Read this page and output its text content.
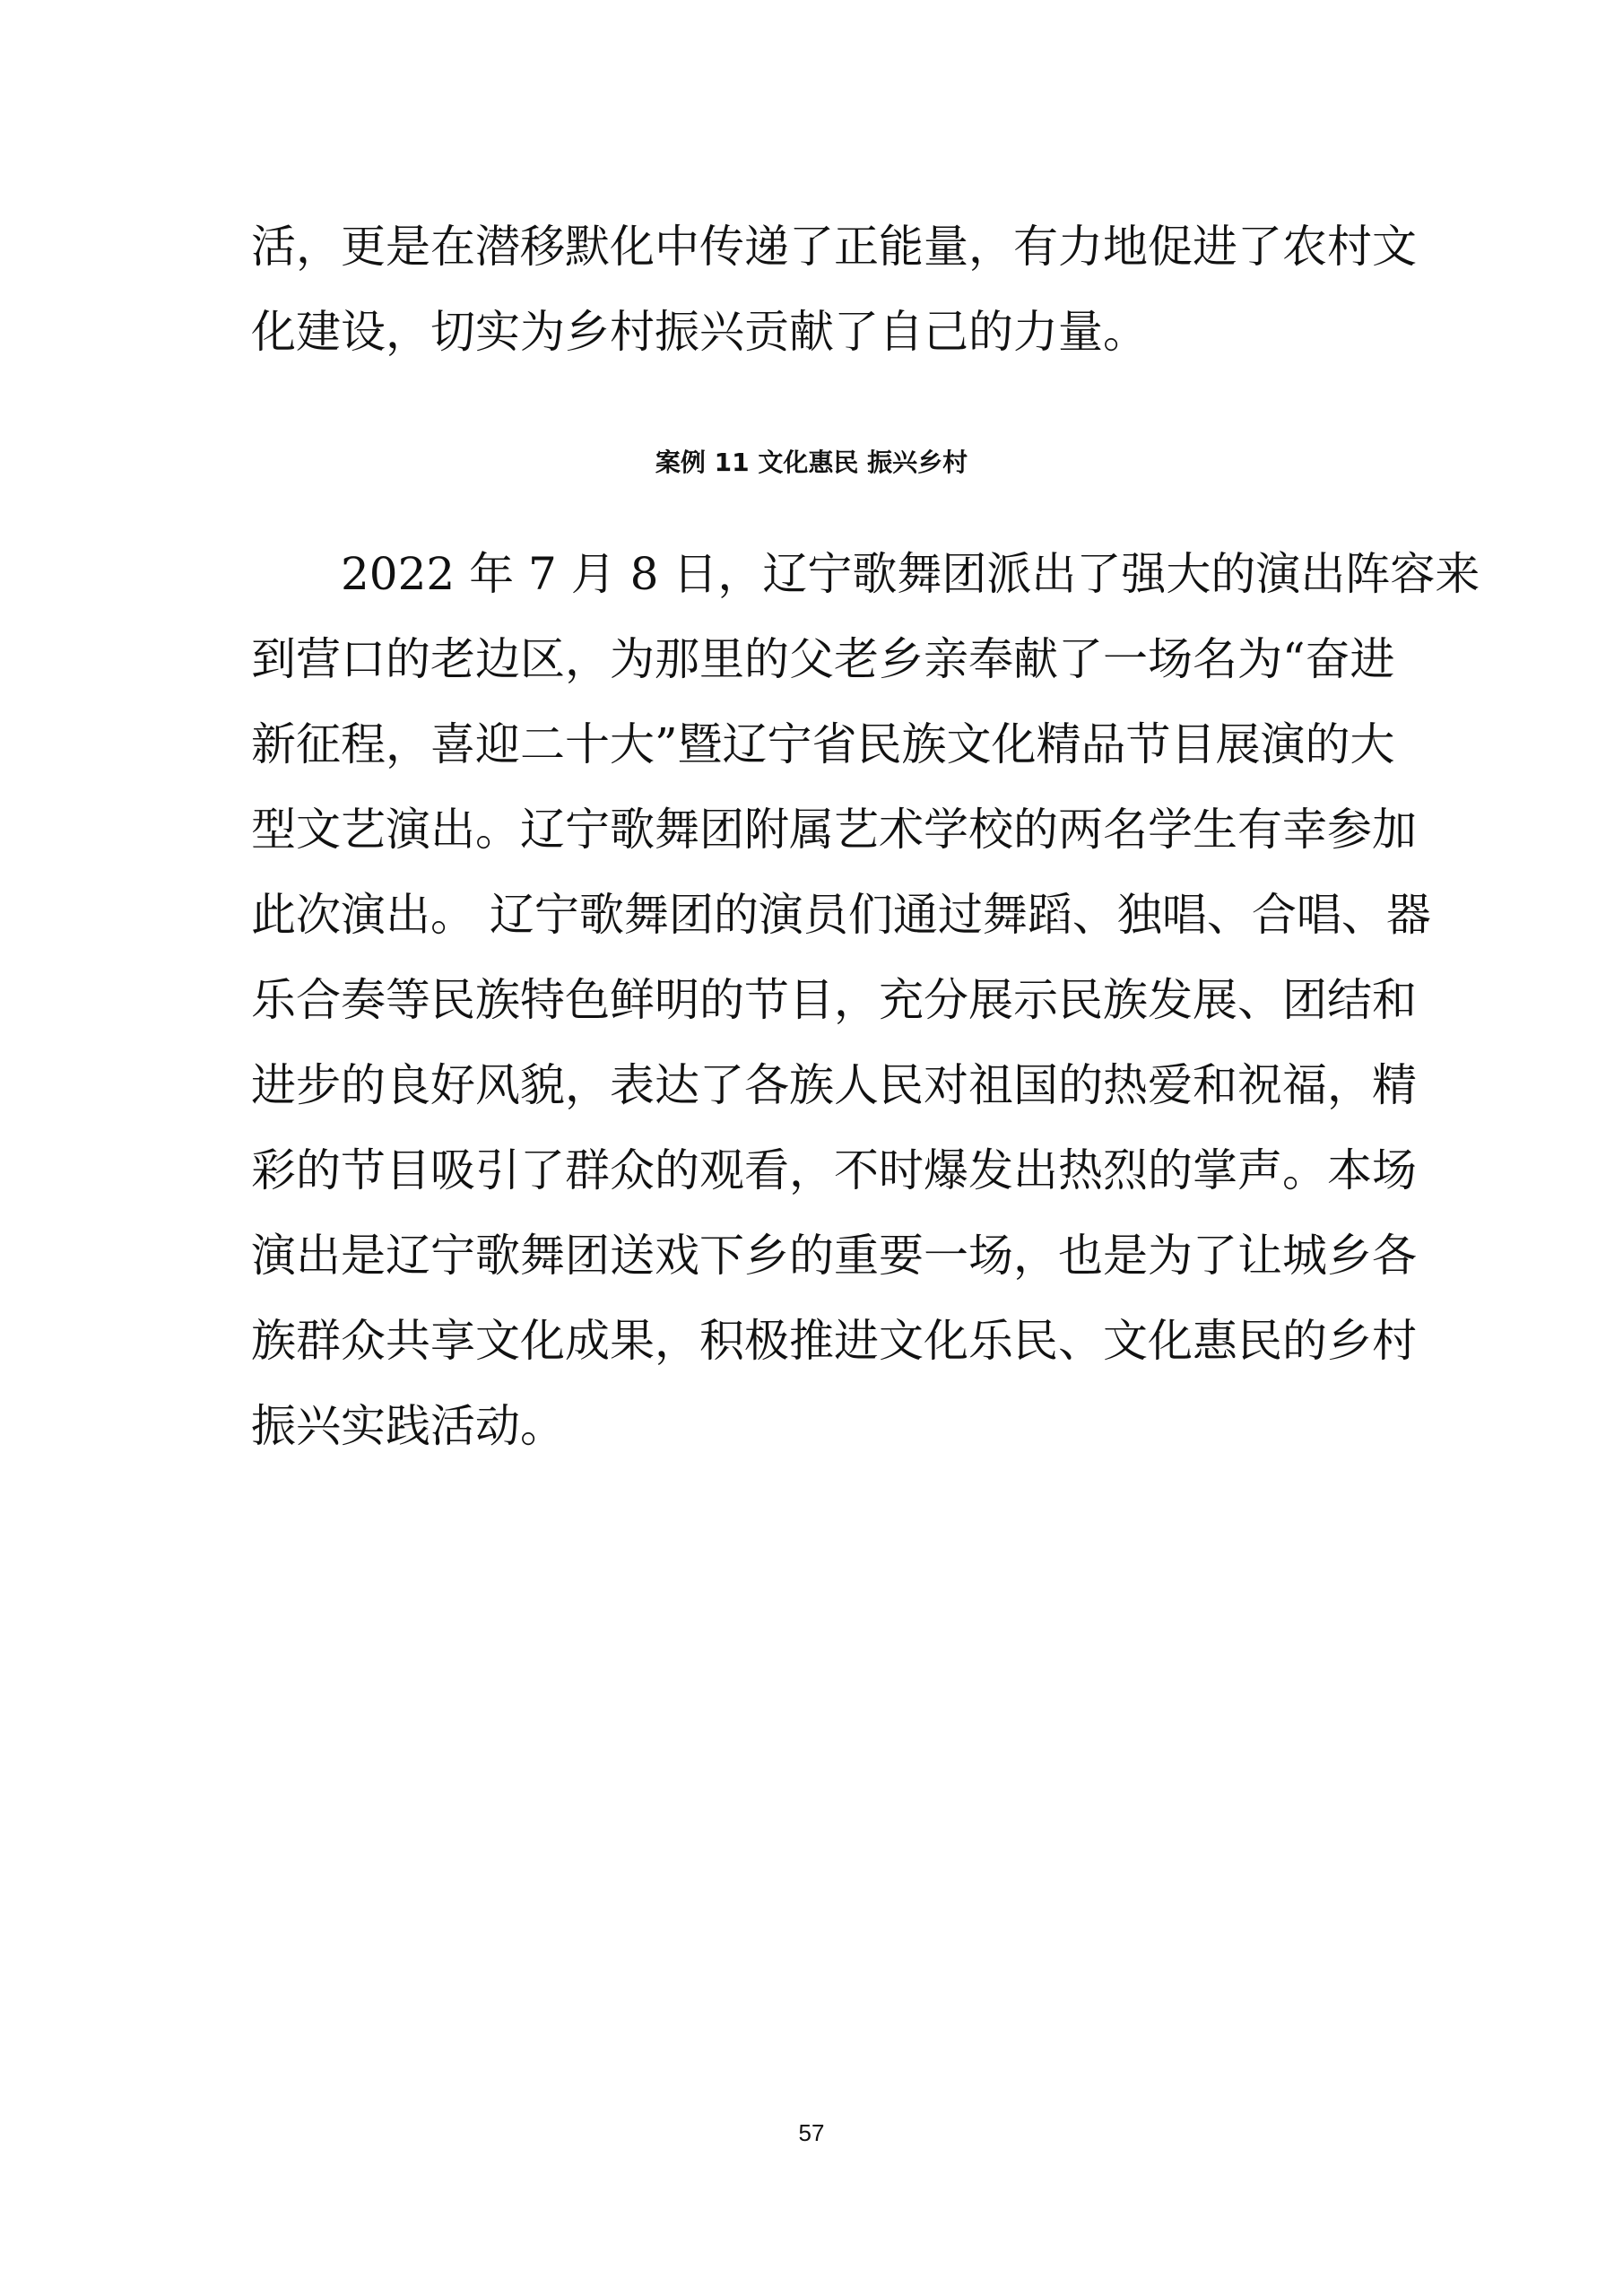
活，更是在潜移默化中传递了正能量，有力地促进了农村文
化建设，切实为乡村振兴贡献了自己的力量。
案例 11 文化惠民 振兴乡村
2022 年 7 月 8 日，辽宁歌舞团派出了强大的演出阵容来
到营口的老边区，为那里的父老乡亲奉献了一场名为“奋进
新征程，喜迎二十大”暨辽宁省民族文化精品节目展演的大
型文艺演出。辽宁歌舞团附属艺术学校的两名学生有幸参加
此次演出。 辽宁歌舞团的演员们通过舞蹈、独唱、合唱、器
乐合奏等民族特色鲜明的节目，充分展示民族发展、团结和
进步的良好风貌，表达了各族人民对祖国的热爱和祝福，精
彩的节目吸引了群众的观看，不时爆发出热烈的掌声。本场
演出是辽宁歌舞团送戏下乡的重要一场，也是为了让城乡各
族群众共享文化成果，积极推进文化乐民、文化惠民的乡村
振兴实践活动。
57
